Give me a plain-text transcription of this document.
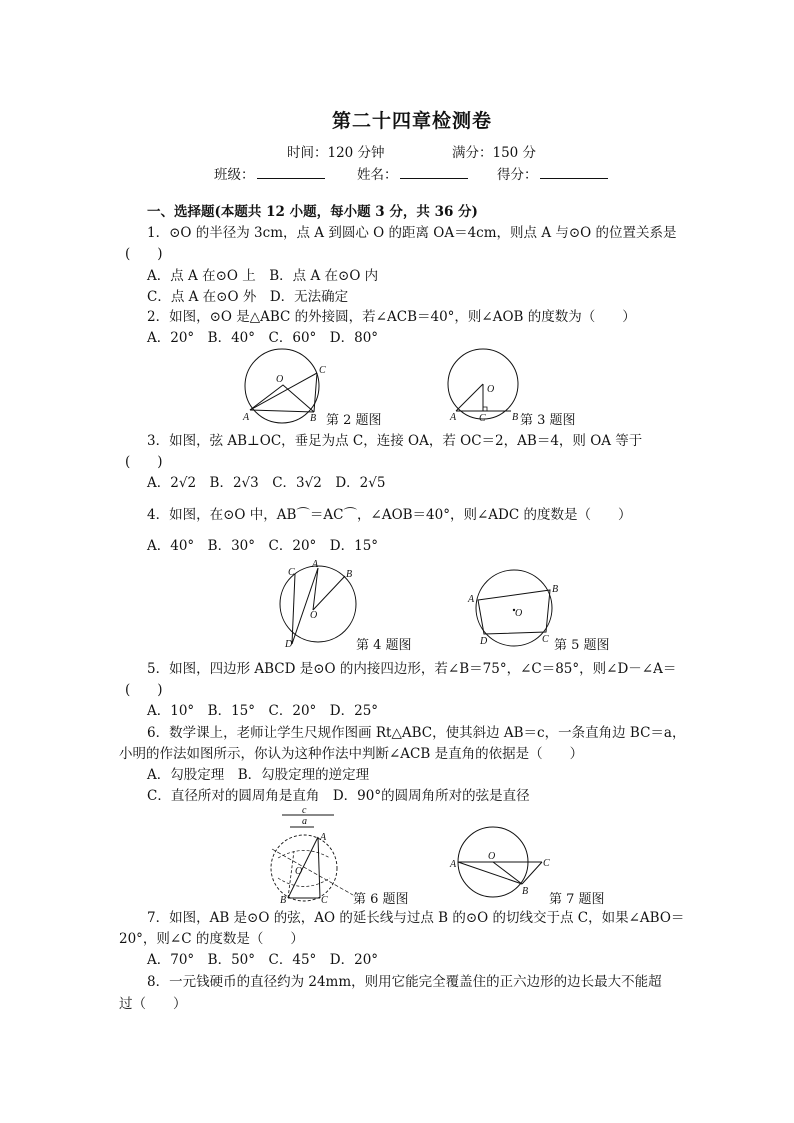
第二十四章检测卷
时间：120 分钟	满分：150 分
班级：	姓名：	得分：
一、选择题(本题共 12 小题，每小题 3 分，共 36 分)
1．⊙O 的半径为 3cm，点 A 到圆心 O 的距离 OA＝4cm，则点 A 与⊙O 的位置关系是
(　　)
A．点 A 在⊙O 上　B．点 A 在⊙O 内
C．点 A 在⊙O 外　D．无法确定
2．如图，⊙O 是△ABC 的外接圆，若∠ACB＝40°，则∠AOB 的度数为（　　）
A．20°　B．40°　C．60°　D．80°
O
A	B
C
第 2 题图
O
A C	B 第 3 题图
3．如图，弦 AB⊥OC，垂足为点 C，连接 OA，若 OC＝2，AB＝4，则 OA 等于
(　　)
A．2√2　B．2√3　C．3√2　D．2√5
4．如图，在⊙O 中，AB⌒＝AC⌒，∠AOB＝40°，则∠ADC 的度数是（　　）
A．40°　B．30°　C．20°　D．15°
A
B
C
D
O
第 4 题图
A
B
C
D
O
第 5 题图
5．如图，四边形 ABCD 是⊙O 的内接四边形，若∠B＝75°，∠C＝85°，则∠D－∠A＝
(　　)
A．10°　B．15°　C．20°　D．25°
6．数学课上，老师让学生尺规作图画 Rt△ABC，使其斜边 AB＝c，一条直角边 BC＝a，
小明的作法如图所示，你认为这种作法中判断∠ACB 是直角的依据是（　　）
A．勾股定理　B．勾股定理的逆定理
C．直径所对的圆周角是直角　D．90°的圆周角所对的弦是直径
c
a
A
O
B	C 第 6 题图
A
O
B
C
第 7 题图
7．如图，AB 是⊙O 的弦，AO 的延长线与过点 B 的⊙O 的切线交于点 C，如果∠ABO＝
20°，则∠C 的度数是（　　）
A．70°　B．50°　C．45°　D．20°
8．一元钱硬币的直径约为 24mm，则用它能完全覆盖住的正六边形的边长最大不能超
过（　　）
